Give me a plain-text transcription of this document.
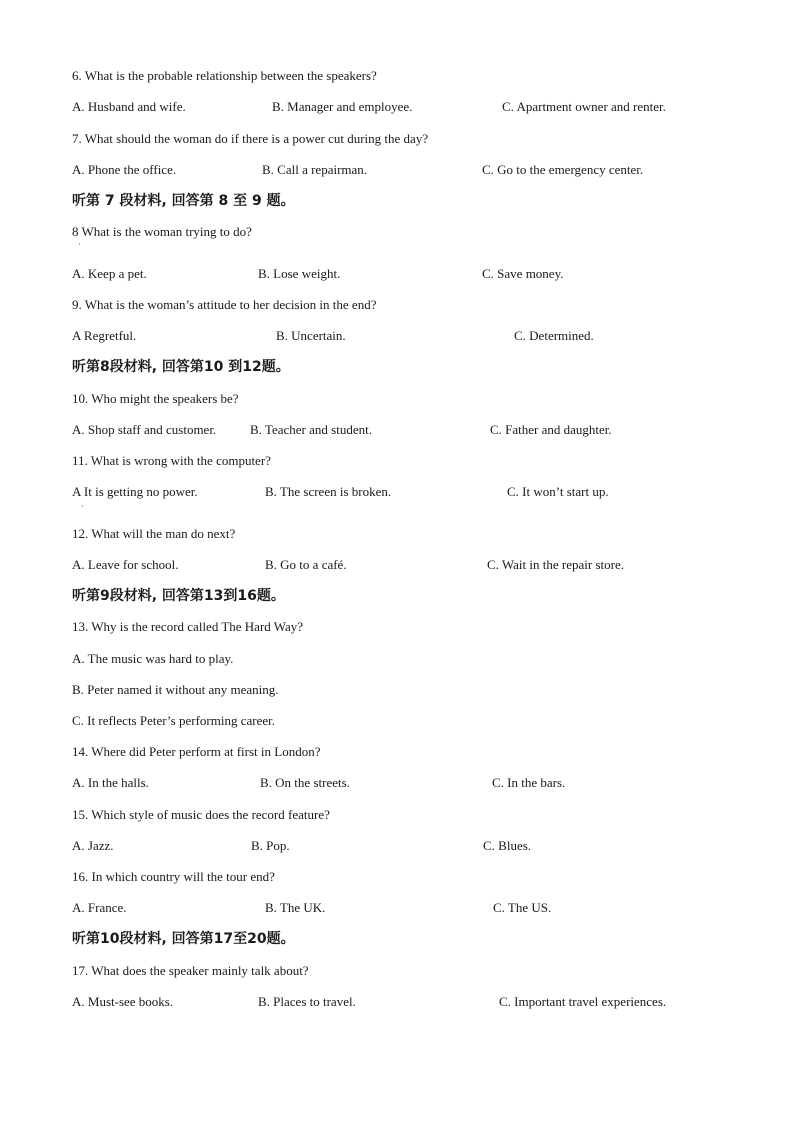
6. What is the probable relationship between the speakers?
A. Husband and wife.	B. Manager and employee.	C. Apartment owner and renter.
7. What should the woman do if there is a power cut during the day?
A. Phone the office.	B. Call a repairman.	C. Go to the emergency center.
听第 7 段材料, 回答第 8 至 9 题。
8 What is the woman trying to do?
·
A. Keep a pet.	B. Lose weight.	C. Save money.
9. What is the woman’s attitude to her decision in the end?
A Regretful.	B. Uncertain.	C. Determined.
听第8段材料, 回答第10 到12题。
10. Who might the speakers be?
A. Shop staff and customer.	B. Teacher and student.	C. Father and daughter.
11. What is wrong with the computer?
A It is getting no power.
·
B. The screen is broken.	C. It won’t start up.
12. What will the man do next?
A. Leave for school.	B. Go to a café.	C. Wait in the repair store.
听第9段材料, 回答第13到16题。
13. Why is the record called The Hard Way?
A. The music was hard to play.
B. Peter named it without any meaning.
C. It reflects Peter’s performing career.
14. Where did Peter perform at first in London?
A. In the halls.	B. On the streets.	C. In the bars.
15. Which style of music does the record feature?
A. Jazz.	B. Pop.	C. Blues.
16. In which country will the tour end?
A. France.	B. The UK.	C. The US.
听第10段材料, 回答第17至20题。
17. What does the speaker mainly talk about?
A. Must-see books.	B. Places to travel.	C. Important travel experiences.
